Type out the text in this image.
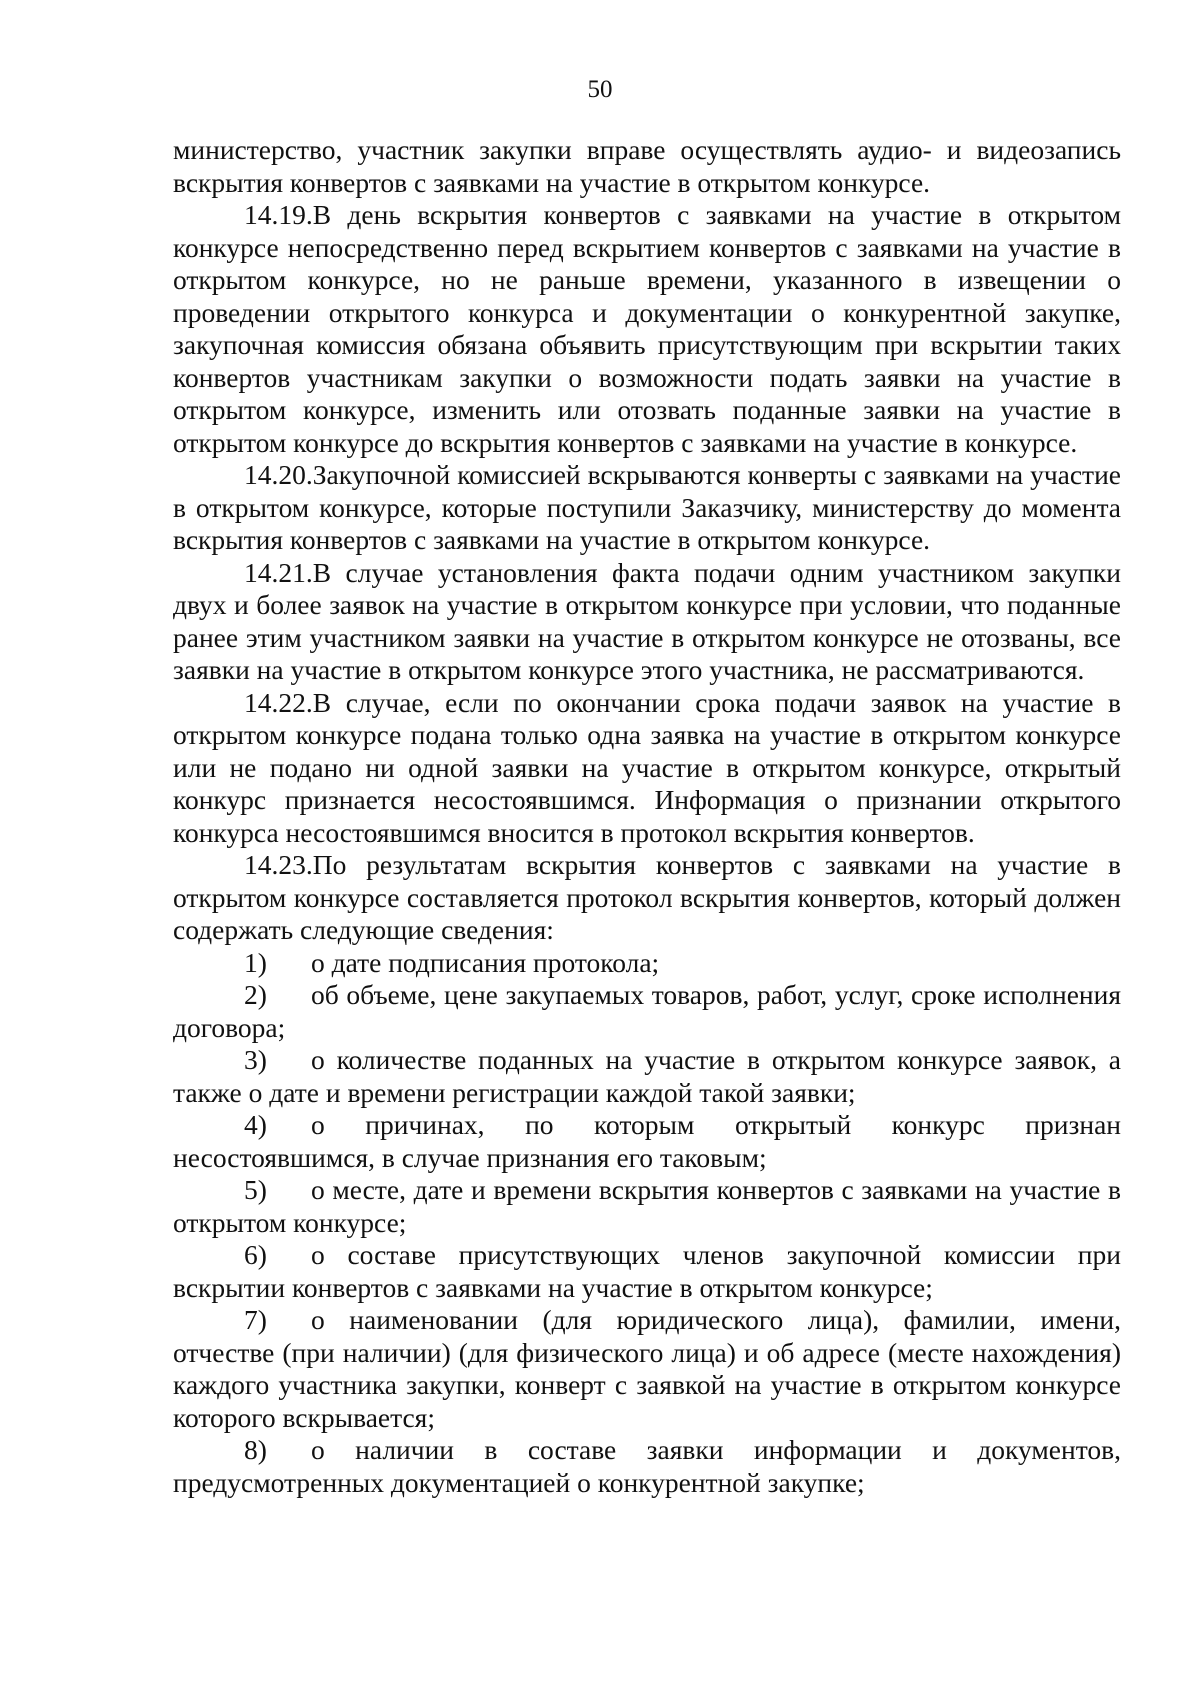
50

министерство, участник закупки вправе осуществлять аудио- и видеозапись вскрытия конвертов с заявками на участие в открытом конкурсе.

14.19.В день вскрытия конвертов с заявками на участие в открытом конкурсе непосредственно перед вскрытием конвертов с заявками на участие в открытом конкурсе, но не раньше времени, указанного в извещении о проведении открытого конкурса и документации о конкурентной закупке, закупочная комиссия обязана объявить присутствующим при вскрытии таких конвертов участникам закупки о возможности подать заявки на участие в открытом конкурсе, изменить или отозвать поданные заявки на участие в открытом конкурсе до вскрытия конвертов с заявками на участие в конкурсе.

14.20.Закупочной комиссией вскрываются конверты с заявками на участие в открытом конкурсе, которые поступили Заказчику, министерству до момента вскрытия конвертов с заявками на участие в открытом конкурсе.

14.21.В случае установления факта подачи одним участником закупки двух и более заявок на участие в открытом конкурсе при условии, что поданные ранее этим участником заявки на участие в открытом конкурсе не отозваны, все заявки на участие в открытом конкурсе этого участника, не рассматриваются.

14.22.В случае, если по окончании срока подачи заявок на участие в открытом конкурсе подана только одна заявка на участие в открытом конкурсе или не подано ни одной заявки на участие в открытом конкурсе, открытый конкурс признается несостоявшимся. Информация о признании открытого конкурса несостоявшимся вносится в протокол вскрытия конвертов.

14.23.По результатам вскрытия конвертов с заявками на участие в открытом конкурсе составляется протокол вскрытия конвертов, который должен содержать следующие сведения:

1) о дате подписания протокола;
2) об объеме, цене закупаемых товаров, работ, услуг, сроке исполнения договора;
3) о количестве поданных на участие в открытом конкурсе заявок, а также о дате и времени регистрации каждой такой заявки;
4) о причинах, по которым открытый конкурс признан несостоявшимся, в случае признания его таковым;
5) о месте, дате и времени вскрытия конвертов с заявками на участие в открытом конкурсе;
6) о составе присутствующих членов закупочной комиссии при вскрытии конвертов с заявками на участие в открытом конкурсе;
7) о наименовании (для юридического лица), фамилии, имени, отчестве (при наличии) (для физического лица) и об адресе (месте нахождения) каждого участника закупки, конверт с заявкой на участие в открытом конкурсе которого вскрывается;
8) о наличии в составе заявки информации и документов, предусмотренных документацией о конкурентной закупке;
